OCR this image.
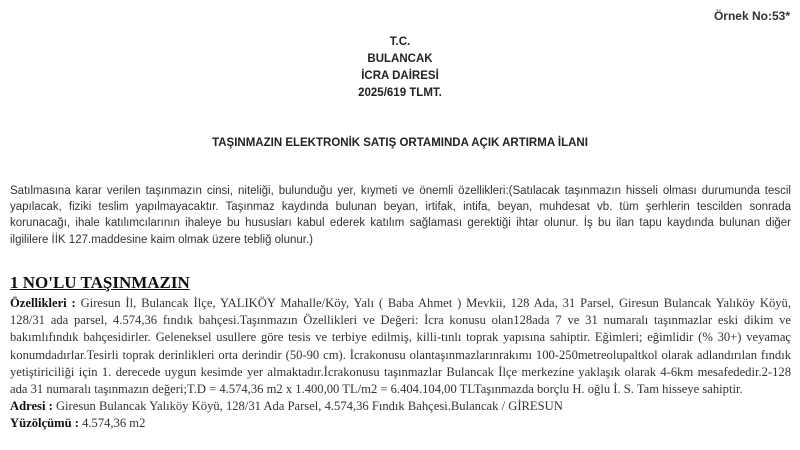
Örnek No:53*
T.C.
BULANCAK
İCRA DAİRESİ
2025/619 TLMT.
TAŞINMAZIN ELEKTRONİK SATIŞ ORTAMINDA AÇIK ARTIRMA İLANI
Satılmasına karar verilen taşınmazın cinsi, niteliği, bulunduğu yer, kıymeti ve önemli özellikleri:(Satılacak taşınmazın hisseli olması durumunda tescil yapılacak, fiziki teslim yapılmayacaktır. Taşınmaz kaydında bulunan beyan, irtifak, intifa, beyan, muhdesat vb. tüm şerhlerin tescilden sonrada korunacağı, ihale katılımcılarının ihaleye bu hususları kabul ederek katılım sağlaması gerektiği ihtar olunur. İş bu ilan tapu kaydında bulunan diğer ilgililere İİK 127.maddesine kaim olmak üzere tebliğ olunur.)
1 NO'LU TAŞINMAZIN
Özellikleri : Giresun İl, Bulancak İlçe, YALIKÖY Mahalle/Köy, Yalı ( Baba Ahmet ) Mevkii, 128 Ada, 31 Parsel, Giresun Bulancak Yalıköy Köyü, 128/31 ada parsel, 4.574,36 fındık bahçesi.Taşınmazın Özellikleri ve Değeri: İcra konusu olan128ada 7 ve 31 numaralı taşınmazlar eski dikim ve bakımlıfındık bahçesidirler. Geleneksel usullere göre tesis ve terbiye edilmiş, killi-tınlı toprak yapısına sahiptir. Eğimleri; eğimlidir (% 30+) veyamaç konumdadırlar.Tesirli toprak derinlikleri orta derindir (50-90 cm). İcrakonusu olantaşınmazlarınrakımı 100-250metreolupaltkol olarak adlandırılan fındık yetiştiriciliği için 1. derecede uygun kesimde yer almaktadır.İcrakonusu taşınmazlar Bulancak İlçe merkezine yaklaşık olarak 4-6km mesafededir.2-128 ada 31 numaralı taşınmazın değeri;T.D = 4.574,36 m2 x 1.400,00 TL/m2 = 6.404.104,00 TLTaşınmazda borçlu H. oğlu İ. S. Tam hisseye sahiptir.
Adresi : Giresun Bulancak Yalıköy Köyü, 128/31 Ada Parsel, 4.574,36 Fındık Bahçesi.Bulancak / GİRESUN
Yüzölçümü : 4.574,36 m2
